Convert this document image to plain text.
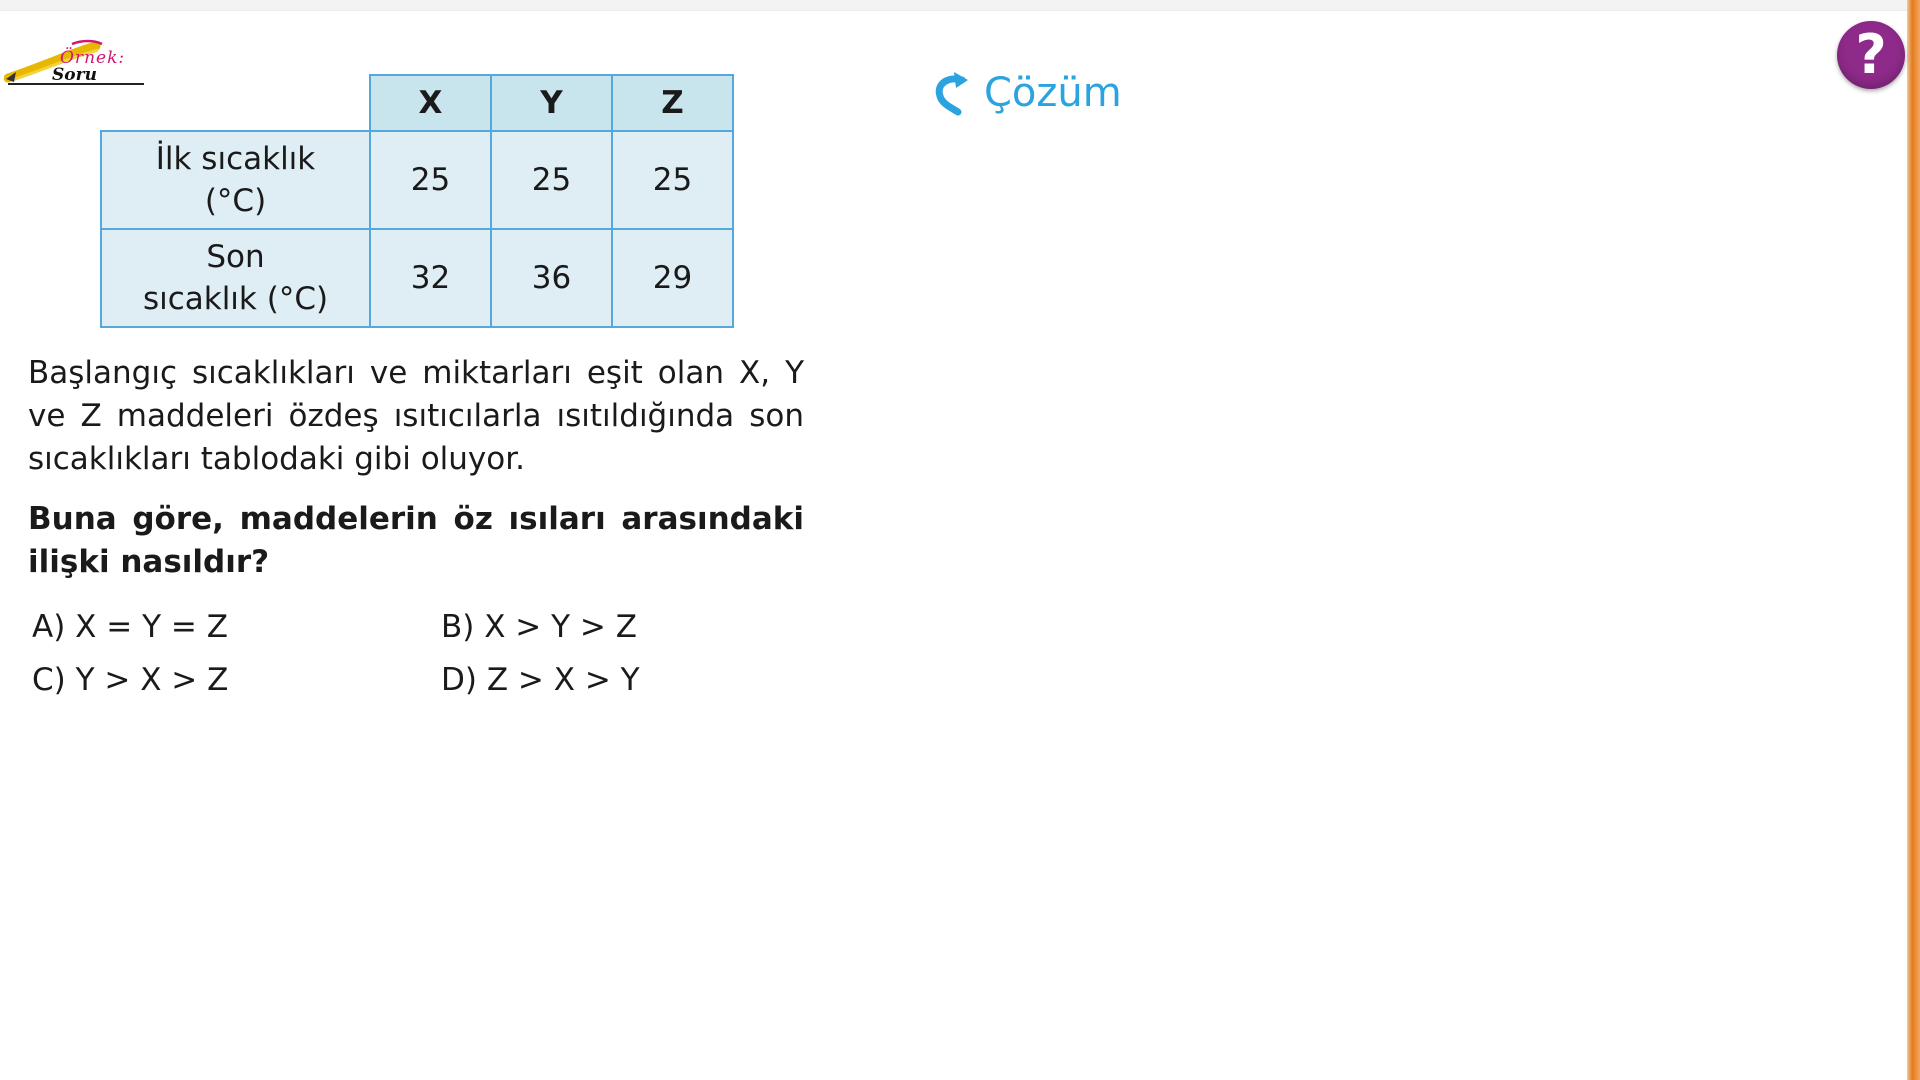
Örnek:
Soru	?
Çözüm
	X	Y	Z
İlk sıcaklık
(°C)	25	25	25
Son
sıcaklık (°C)	32	36	29

Başlangıç sıcaklıkları ve miktarları eşit olan X, Y ve Z maddeleri özdeş ısıtıcılarla ısıtıldığında son sıcaklıkları tablodaki gibi oluyor.

Buna göre, maddelerin öz ısıları arasındaki ilişki nasıldır?

A) X = Y = Z	B) X > Y > Z
C) Y > X > Z	D) Z > X > Y
